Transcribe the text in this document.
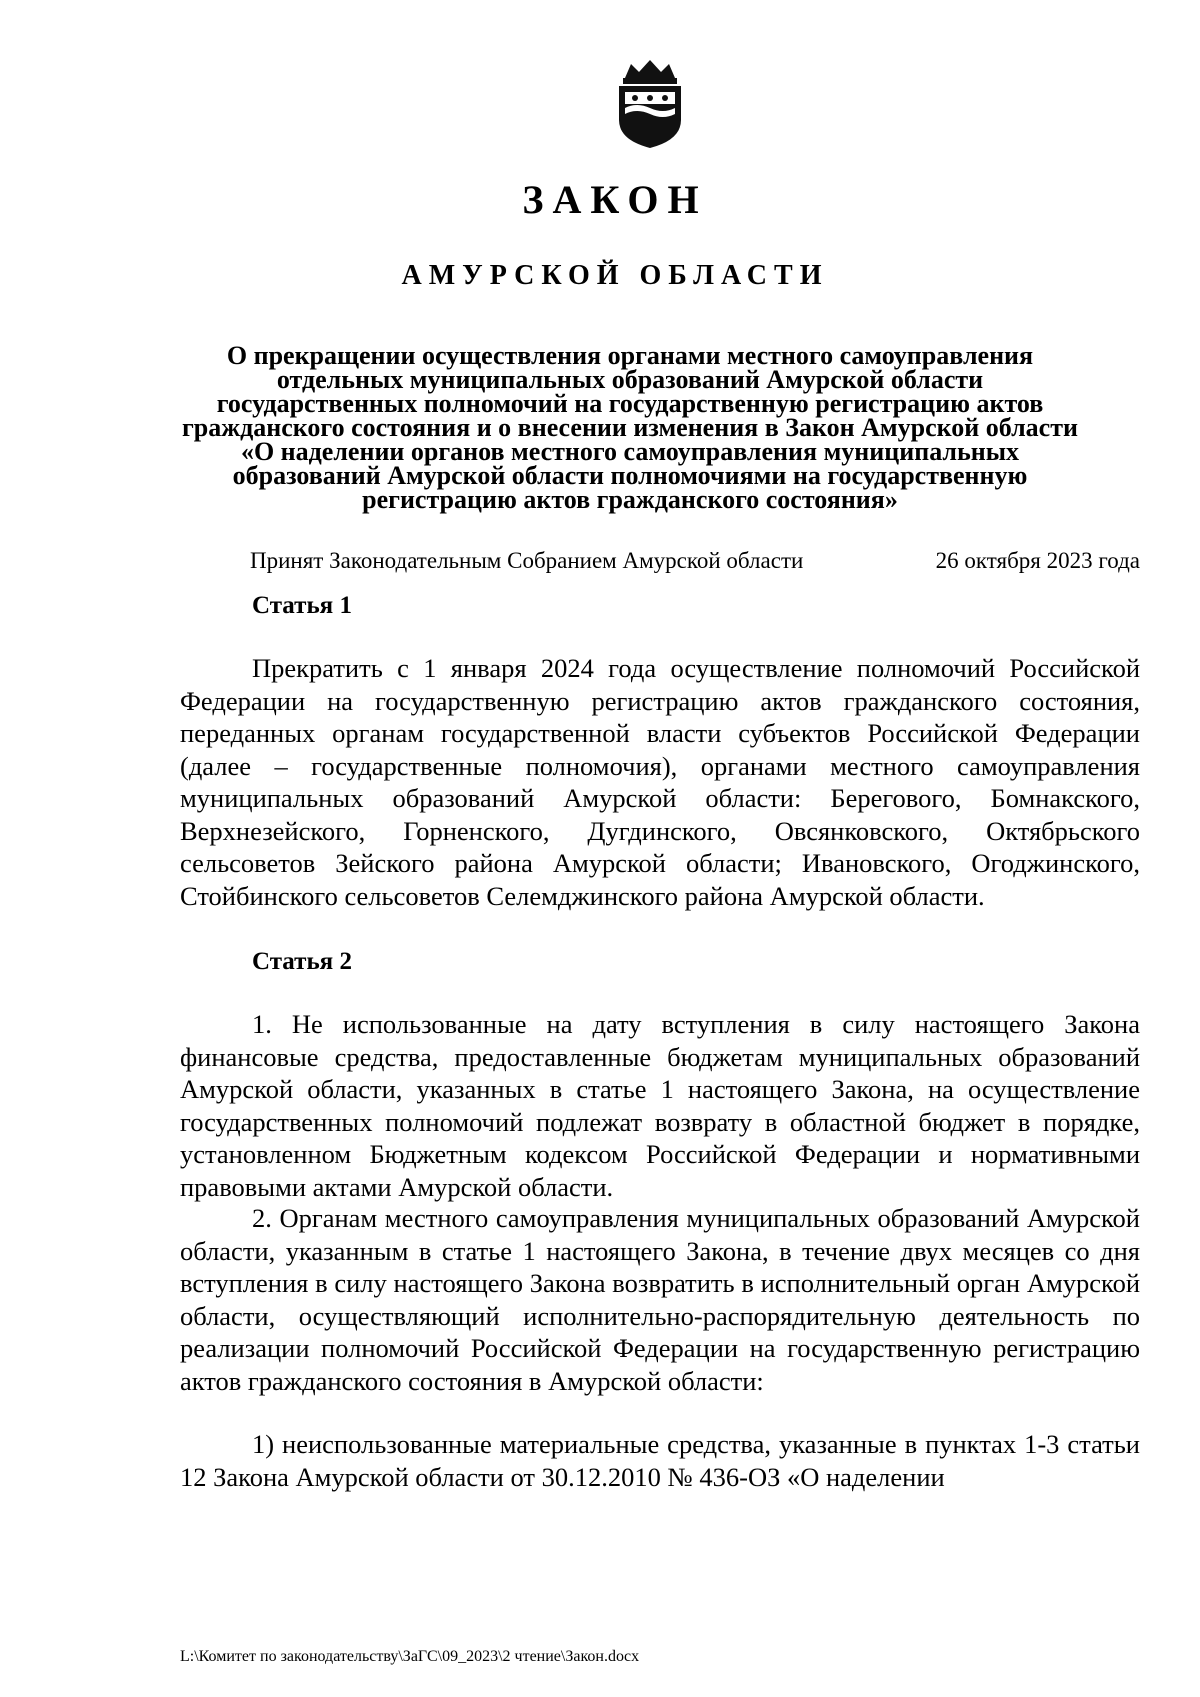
ЗАКОН
АМУРСКОЙ ОБЛАСТИ
О прекращении осуществления органами местного самоуправления отдельных муниципальных образований Амурской области государственных полномочий на государственную регистрацию актов гражданского состояния и о внесении изменения в Закон Амурской области «О наделении органов местного самоуправления муниципальных образований Амурской области полномочиями на государственную регистрацию актов гражданского состояния»
Принят Законодательным Собранием Амурской области	26 октября 2023 года
Статья 1

Прекратить с 1 января 2024 года осуществление полномочий Российской Федерации на государственную регистрацию актов гражданского состояния, переданных органам государственной власти субъектов Российской Федерации (далее – государственные полномочия), органами местного самоуправления муниципальных образований Амурской области: Берегового, Бомнакского, Верхнезейского, Горненского, Дугдинского, Овсянковского, Октябрьского сельсоветов Зейского района Амурской области; Ивановского, Огоджинского, Стойбинского сельсоветов Селемджинского района Амурской области.

Статья 2

1. Не использованные на дату вступления в силу настоящего Закона финансовые средства, предоставленные бюджетам муниципальных образований Амурской области, указанных в статье 1 настоящего Закона, на осуществление государственных полномочий подлежат возврату в областной бюджет в порядке, установленном Бюджетным кодексом Российской Федерации и нормативными правовыми актами Амурской области.

2. Органам местного самоуправления муниципальных образований Амурской области, указанным в статье 1 настоящего Закона, в течение двух месяцев со дня вступления в силу настоящего Закона возвратить в исполнительный орган Амурской области, осуществляющий исполнительно-распорядительную деятельность по реализации полномочий Российской Федерации на государственную регистрацию актов гражданского состояния в Амурской области:

1) неиспользованные материальные средства, указанные в пунктах 1-3 статьи 12 Закона Амурской области от 30.12.2010 № 436-ОЗ «О наделении

L:\Комитет по законодательству\ЗаГС\09_2023\2 чтение\Закон.docx
